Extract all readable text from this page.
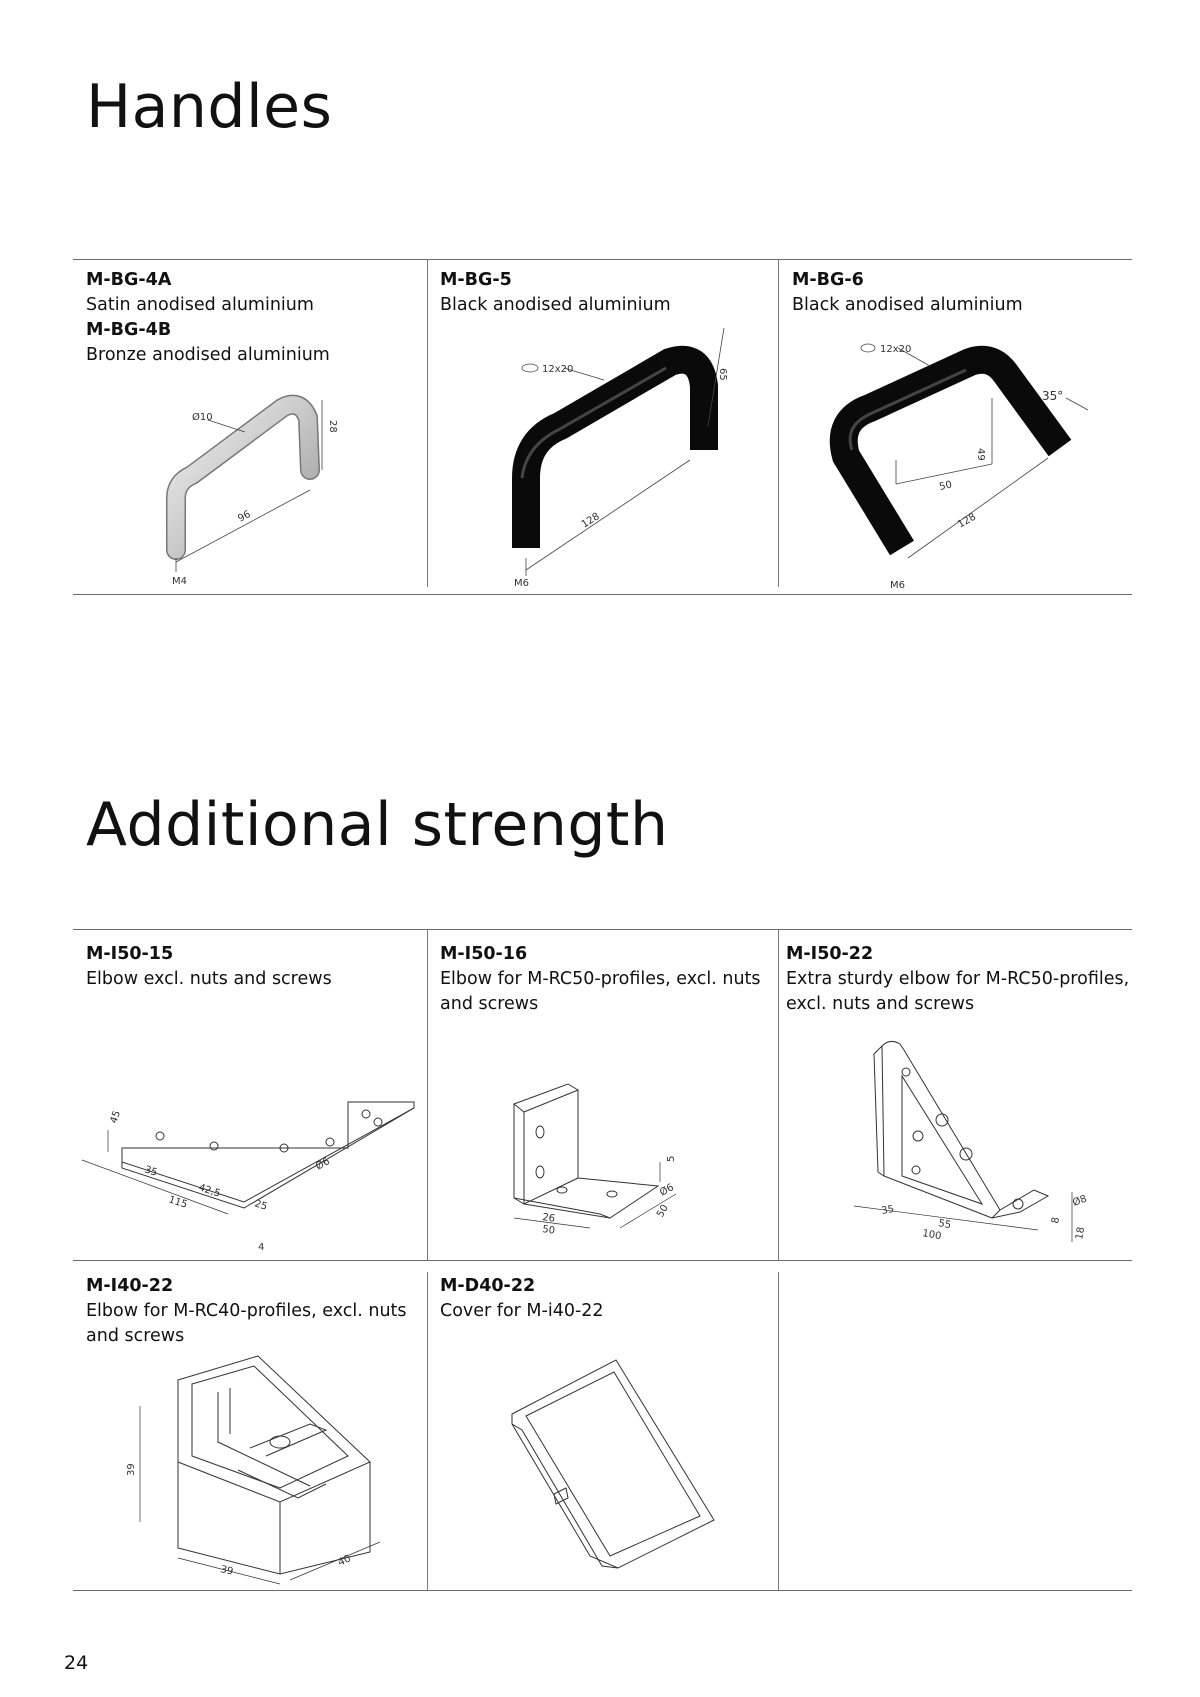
Handles
M-BG-4A
Satin anodised aluminium
M-BG-4B
Bronze anodised aluminium
M-BG-5
Black anodised aluminium
M-BG-6
Black anodised aluminium
Ø10
96
28
M4
12x20
128
65
M6
12x20
50
49
128
35°
M6
Additional strength
M-I50-15
Elbow excl. nuts and screws
M-I50-16
Elbow for M-RC50-profiles, excl. nuts
and screws
M-I50-22
Extra sturdy elbow for M-RC50-profiles,
excl. nuts and screws
45
35
42,5
115	25
Ø6
4
26
50
Ø6
50
5
35
55
100
Ø8
8
18
M-I40-22
Elbow for M-RC40-profiles, excl. nuts
and screws
M-D40-22
Cover for M-i40-22
39
39
40
24
